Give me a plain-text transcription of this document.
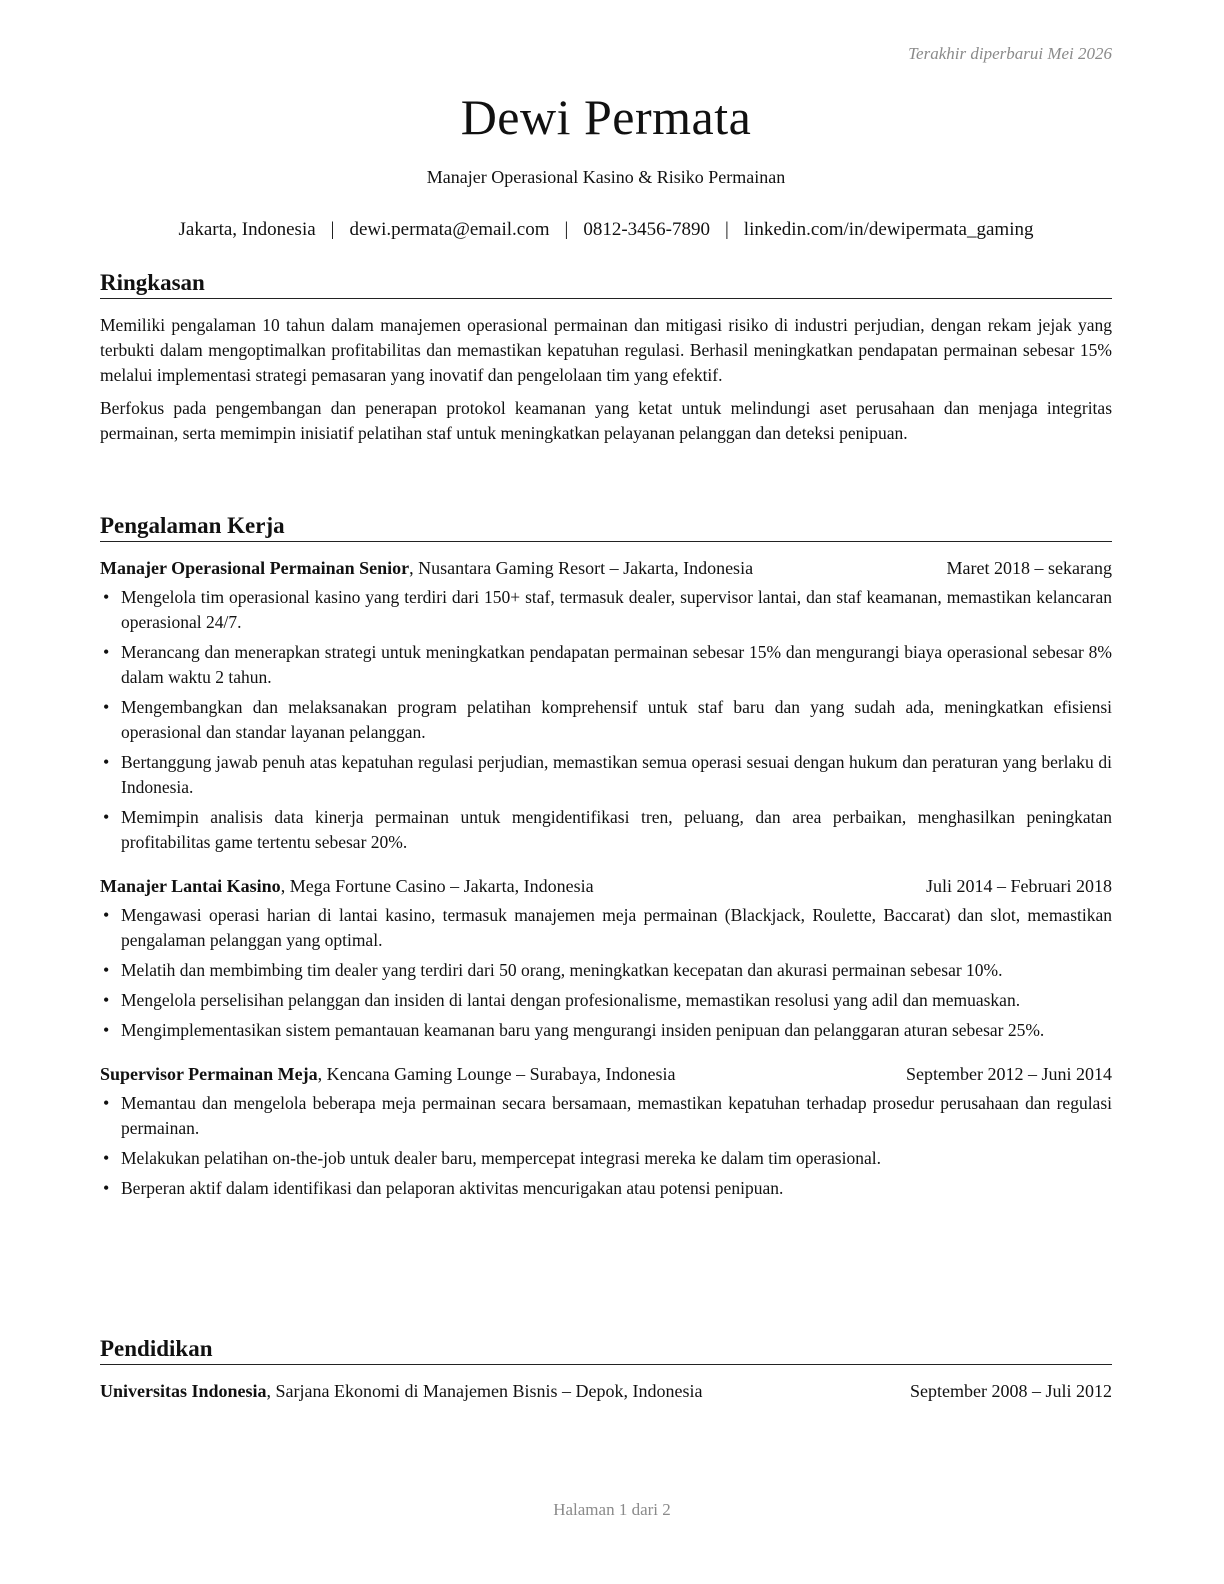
Terakhir diperbarui Mei 2026
Dewi Permata
Manajer Operasional Kasino & Risiko Permainan
Jakarta, Indonesia | dewi.permata@email.com | 0812-3456-7890 | linkedin.com/in/dewipermata_gaming
Ringkasan

Memiliki pengalaman 10 tahun dalam manajemen operasional permainan dan mitigasi risiko di industri perjudian, dengan rekam jejak yang terbukti dalam mengoptimalkan profitabilitas dan memastikan kepatuhan regulasi. Berhasil meningkatkan pendapatan permainan sebesar 15% melalui implementasi strategi pemasaran yang inovatif dan pengelolaan tim yang efektif.

Berfokus pada pengembangan dan penerapan protokol keamanan yang ketat untuk melindungi aset perusahaan dan menjaga integritas permainan, serta memimpin inisiatif pelatihan staf untuk meningkatkan pelayanan pelanggan dan deteksi penipuan.

Pengalaman Kerja
Manajer Operasional Permainan Senior, Nusantara Gaming Resort – Jakarta, Indonesia	Maret 2018 – sekarang
• Mengelola tim operasional kasino yang terdiri dari 150+ staf, termasuk dealer, supervisor lantai, dan staf keamanan, memastikan kelancaran operasional 24/7.
• Merancang dan menerapkan strategi untuk meningkatkan pendapatan permainan sebesar 15% dan mengurangi biaya operasional sebesar 8% dalam waktu 2 tahun.
• Mengembangkan dan melaksanakan program pelatihan komprehensif untuk staf baru dan yang sudah ada, meningkatkan efisiensi operasional dan standar layanan pelanggan.
• Bertanggung jawab penuh atas kepatuhan regulasi perjudian, memastikan semua operasi sesuai dengan hukum dan peraturan yang berlaku di Indonesia.
• Memimpin analisis data kinerja permainan untuk mengidentifikasi tren, peluang, dan area perbaikan, menghasilkan peningkatan profitabilitas game tertentu sebesar 20%.
Manajer Lantai Kasino, Mega Fortune Casino – Jakarta, Indonesia	Juli 2014 – Februari 2018
• Mengawasi operasi harian di lantai kasino, termasuk manajemen meja permainan (Blackjack, Roulette, Baccarat) dan slot, memastikan pengalaman pelanggan yang optimal.
• Melatih dan membimbing tim dealer yang terdiri dari 50 orang, meningkatkan kecepatan dan akurasi permainan sebesar 10%.
• Mengelola perselisihan pelanggan dan insiden di lantai dengan profesionalisme, memastikan resolusi yang adil dan memuaskan.
• Mengimplementasikan sistem pemantauan keamanan baru yang mengurangi insiden penipuan dan pelanggaran aturan sebesar 25%.
Supervisor Permainan Meja, Kencana Gaming Lounge – Surabaya, Indonesia	September 2012 – Juni 2014
• Memantau dan mengelola beberapa meja permainan secara bersamaan, memastikan kepatuhan terhadap prosedur perusahaan dan regulasi permainan.
• Melakukan pelatihan on-the-job untuk dealer baru, mempercepat integrasi mereka ke dalam tim operasional.
• Berperan aktif dalam identifikasi dan pelaporan aktivitas mencurigakan atau potensi penipuan.
Pendidikan
Universitas Indonesia, Sarjana Ekonomi di Manajemen Bisnis – Depok, Indonesia	September 2008 – Juli 2012
Halaman 1 dari 2
